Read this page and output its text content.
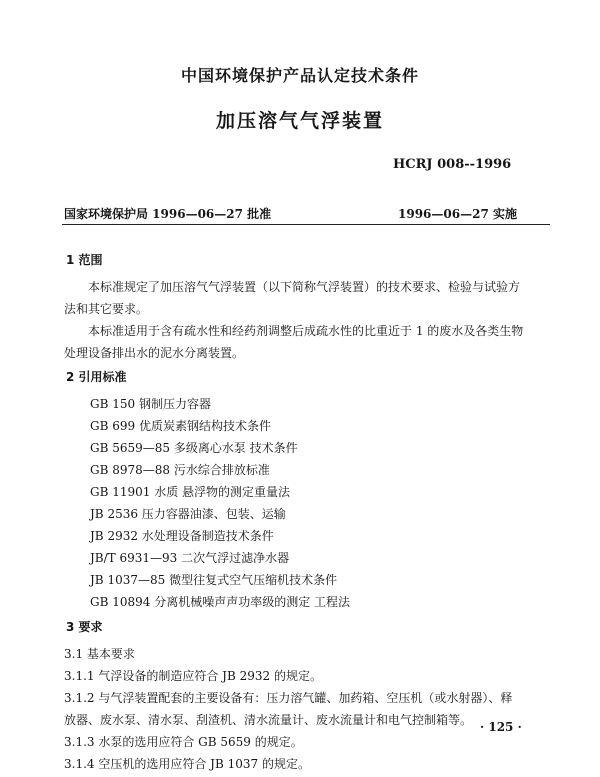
中国环境保护产品认定技术条件
加压溶气气浮装置
HCRJ 008--1996
国家环境保护局 1996—06—27 批准	1996—06—27 实施
1 范围
本标准规定了加压溶气气浮装置（以下简称气浮装置）的技术要求、检验与试验方
法和其它要求。
本标准适用于含有疏水性和经药剂调整后成疏水性的比重近于 1 的废水及各类生物
处理设备排出水的泥水分离装置。
2 引用标准
GB 150 钢制压力容器
GB 699 优质炭素钢结构技术条件
GB 5659—85 多级离心水泵 技术条件
GB 8978—88 污水综合排放标准
GB 11901 水质 悬浮物的测定重量法
JB 2536 压力容器油漆、包装、运输
JB 2932 水处理设备制造技术条件
JB/T 6931—93 二次气浮过滤净水器
JB 1037—85 微型往复式空气压缩机技术条件
GB 10894 分离机械噪声声功率级的测定 工程法
3 要求
3.1 基本要求
3.1.1 气浮设备的制造应符合 JB 2932 的规定。
3.1.2 与气浮装置配套的主要设备有：压力溶气罐、加药箱、空压机（或水射器）、释
放器、废水泵、清水泵、刮渣机、清水流量计、废水流量计和电气控制箱等。
3.1.3 水泵的选用应符合 GB 5659 的规定。
3.1.4 空压机的选用应符合 JB 1037 的规定。
· 125 ·
